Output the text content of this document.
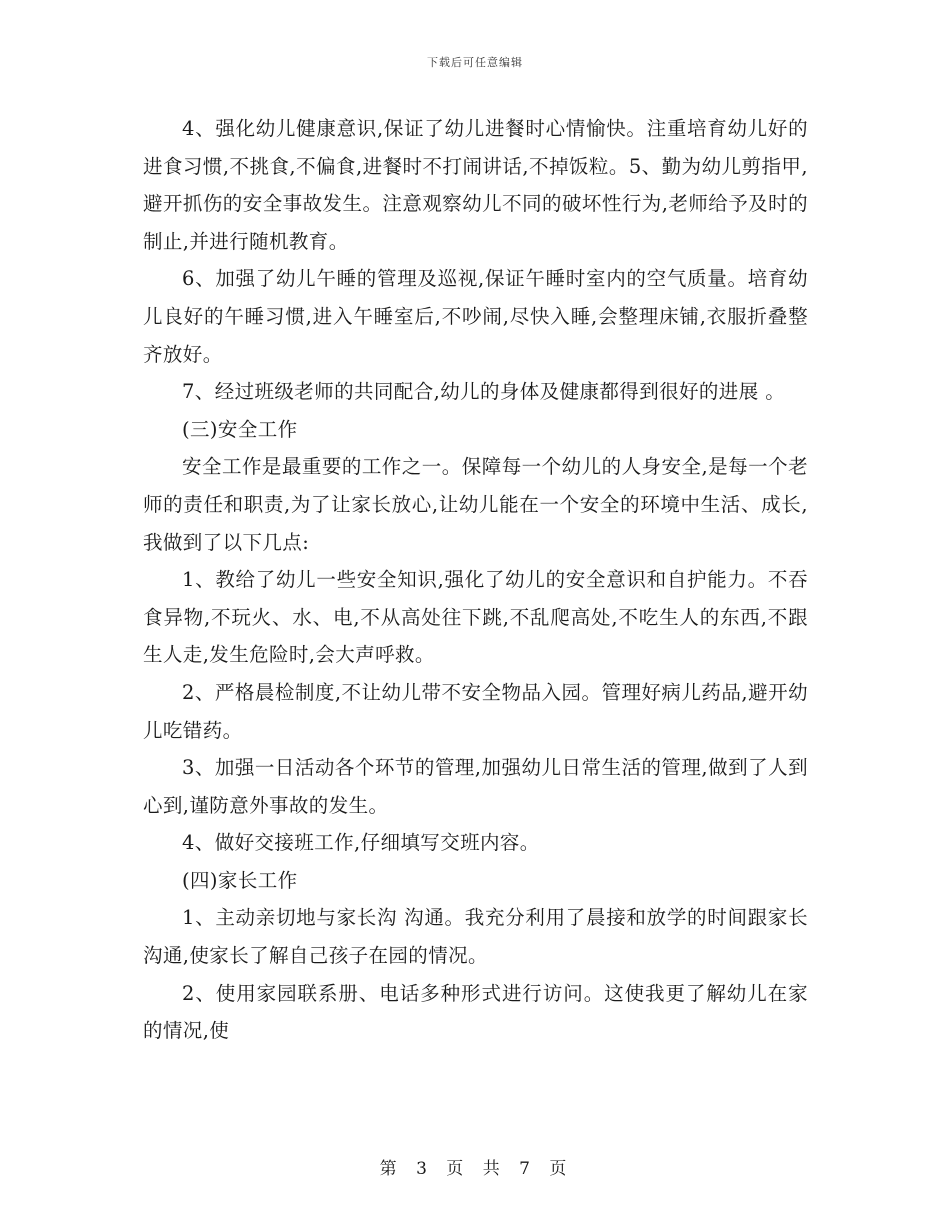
下载后可任意编辑

4、强化幼儿健康意识,保证了幼儿进餐时心情愉快。注重培育幼儿好的进食习惯,不挑食,不偏食,进餐时不打闹讲话,不掉饭粒。5、勤为幼儿剪指甲,避开抓伤的安全事故发生。注意观察幼儿不同的破坏性行为,老师给予及时的制止,并进行随机教育。

6、加强了幼儿午睡的管理及巡视,保证午睡时室内的空气质量。培育幼儿良好的午睡习惯,进入午睡室后,不吵闹,尽快入睡,会整理床铺,衣服折叠整齐放好。

7、经过班级老师的共同配合,幼儿的身体及健康都得到很好的进展 。

(三)安全工作

安全工作是最重要的工作之一。保障每一个幼儿的人身安全,是每一个老师的责任和职责,为了让家长放心,让幼儿能在一个安全的环境中生活、成长,我做到了以下几点:

1、教给了幼儿一些安全知识,强化了幼儿的安全意识和自护能力。不吞食异物,不玩火、水、电,不从高处往下跳,不乱爬高处,不吃生人的东西,不跟生人走,发生危险时,会大声呼救。

2、严格晨检制度,不让幼儿带不安全物品入园。管理好病儿药品,避开幼儿吃错药。

3、加强一日活动各个环节的管理,加强幼儿日常生活的管理,做到了人到心到,谨防意外事故的发生。

4、做好交接班工作,仔细填写交班内容。

(四)家长工作

1、主动亲切地与家长沟 沟通。我充分利用了晨接和放学的时间跟家长沟通,使家长了解自己孩子在园的情况。

2、使用家园联系册、电话多种形式进行访问。这使我更了解幼儿在家的情况,使

第 3 页 共 7 页
